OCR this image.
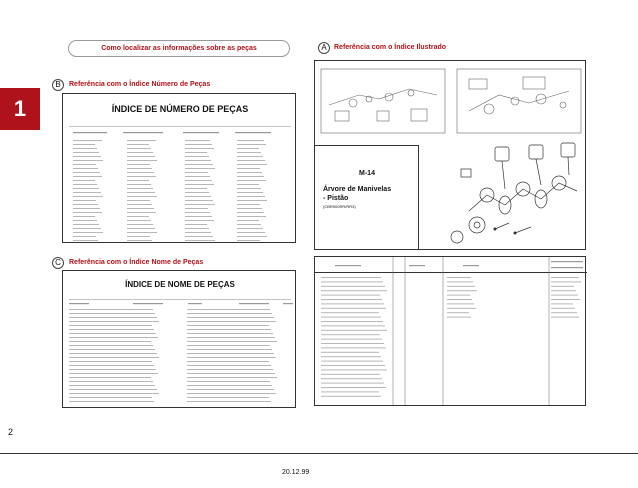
Como localizar as informações sobre as peças	A	Referência com o Índice Ilustrado
B	Referência com o Índice Número de Peças
C	Referência com o Índice Nome de Peças
1	ÍNDICE DE NÚMERO DE PEÇAS
ÍNDICE DE NOME DE PEÇAS
M-14
Árvore de Manivelas
- Pistão
(CBR900RR/RR3)
2
20.12.99
